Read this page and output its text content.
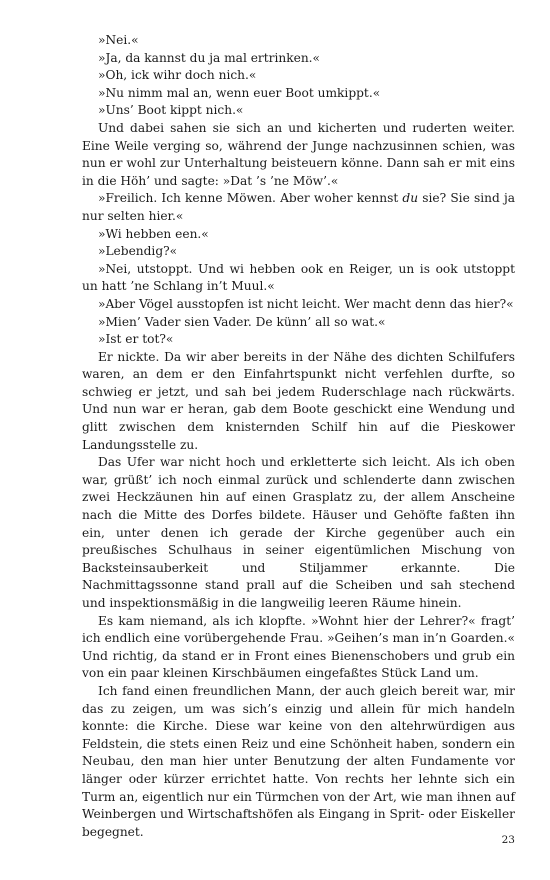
»Nei.«

»Ja, da kannst du ja mal ertrinken.«

»Oh, ick wihr doch nich.«

»Nu nimm mal an, wenn euer Boot umkippt.«

»Uns’ Boot kippt nich.«

Und dabei sahen sie sich an und kicherten und ruderten weiter. Eine Weile verging so, während der Junge nachzusinnen schien, was nun er wohl zur Unterhaltung beisteuern könne. Dann sah er mit eins in die Höh’ und sagte: »Dat ’s ’ne Möw’.«

»Freilich. Ich kenne Möwen. Aber woher kennst du sie? Sie sind ja nur selten hier.«

»Wi hebben een.«

»Lebendig?«

»Nei, utstoppt. Und wi hebben ook en Reiger, un is ook utstoppt un hatt ’ne Schlang in’t Muul.«

»Aber Vögel ausstopfen ist nicht leicht. Wer macht denn das hier?«

»Mien’ Vader sien Vader. De künn’ all so wat.«

»Ist er tot?«

Er nickte. Da wir aber bereits in der Nähe des dichten Schilfufers waren, an dem er den Einfahrtspunkt nicht verfehlen durfte, so schwieg er jetzt, und sah bei jedem Ruderschlage nach rückwärts. Und nun war er heran, gab dem Boote geschickt eine Wendung und glitt zwischen dem knisternden Schilf hin auf die Pieskower Landungsstelle zu.

Das Ufer war nicht hoch und erkletterte sich leicht. Als ich oben war, grüßt’ ich noch einmal zurück und schlenderte dann zwischen zwei Heckzäunen hin auf einen Grasplatz zu, der allem Anscheine nach die Mitte des Dorfes bildete. Häuser und Gehöfte faßten ihn ein, unter denen ich gerade der Kirche gegenüber auch ein preußisches Schulhaus in seiner eigentümlichen Mischung von Backsteinsauberkeit und Stiljammer erkannte. Die Nachmittagssonne stand prall auf die Scheiben und sah stechend und inspektionsmäßig in die langweilig leeren Räume hinein.

Es kam niemand, als ich klopfte. »Wohnt hier der Lehrer?« fragt’ ich endlich eine vorübergehende Frau. »Geihen’s man in’n Goarden.« Und richtig, da stand er in Front eines Bienenschobers und grub ein von ein paar kleinen Kirschbäumen eingefaßtes Stück Land um.

Ich fand einen freundlichen Mann, der auch gleich bereit war, mir das zu zeigen, um was sich’s einzig und allein für mich handeln konnte: die Kirche. Diese war keine von den altehrwürdigen aus Feldstein, die stets einen Reiz und eine Schönheit haben, sondern ein Neubau, den man hier unter Benutzung der alten Fundamente vor länger oder kürzer errichtet hatte. Von rechts her lehnte sich ein Turm an, eigentlich nur ein Türmchen von der Art, wie man ihnen auf Weinbergen und Wirtschaftshöfen als Eingang in Sprit- oder Eiskeller begegnet.

23
